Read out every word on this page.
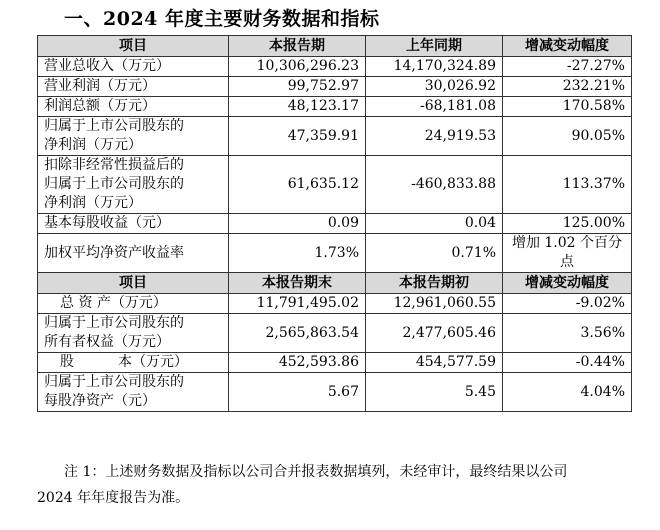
一、2024 年度主要财务数据和指标
项目	本报告期	上年同期	增减变动幅度
营业总收入（万元）	10,306,296.23	14,170,324.89	-27.27%
营业利润（万元）	99,752.97	30,026.92	232.21%
利润总额（万元）	48,123.17	-68,181.08	170.58%
归属于上市公司股东的
净利润（万元）	47,359.91	24,919.53	90.05%
扣除非经常性损益后的
归属于上市公司股东的
净利润（万元）	61,635.12	-460,833.88	113.37%
基本每股收益（元）	0.09	0.04	125.00%
加权平均净资产收益率	1.73%	0.71%	增加 1.02 个百分点
项目	本报告期末	本报告期初	增减变动幅度
总 资 产（万元）	11,791,495.02	12,961,060.55	-9.02%
归属于上市公司股东的
所有者权益（万元）	2,565,863.54	2,477,605.46	3.56%
股 本（万元）	452,593.86	454,577.59	-0.44%
归属于上市公司股东的
每股净资产（元）	5.67	5.45	4.04%
注 1：上述财务数据及指标以公司合并报表数据填列，未经审计，最终结果以公司
2024 年年度报告为准。
